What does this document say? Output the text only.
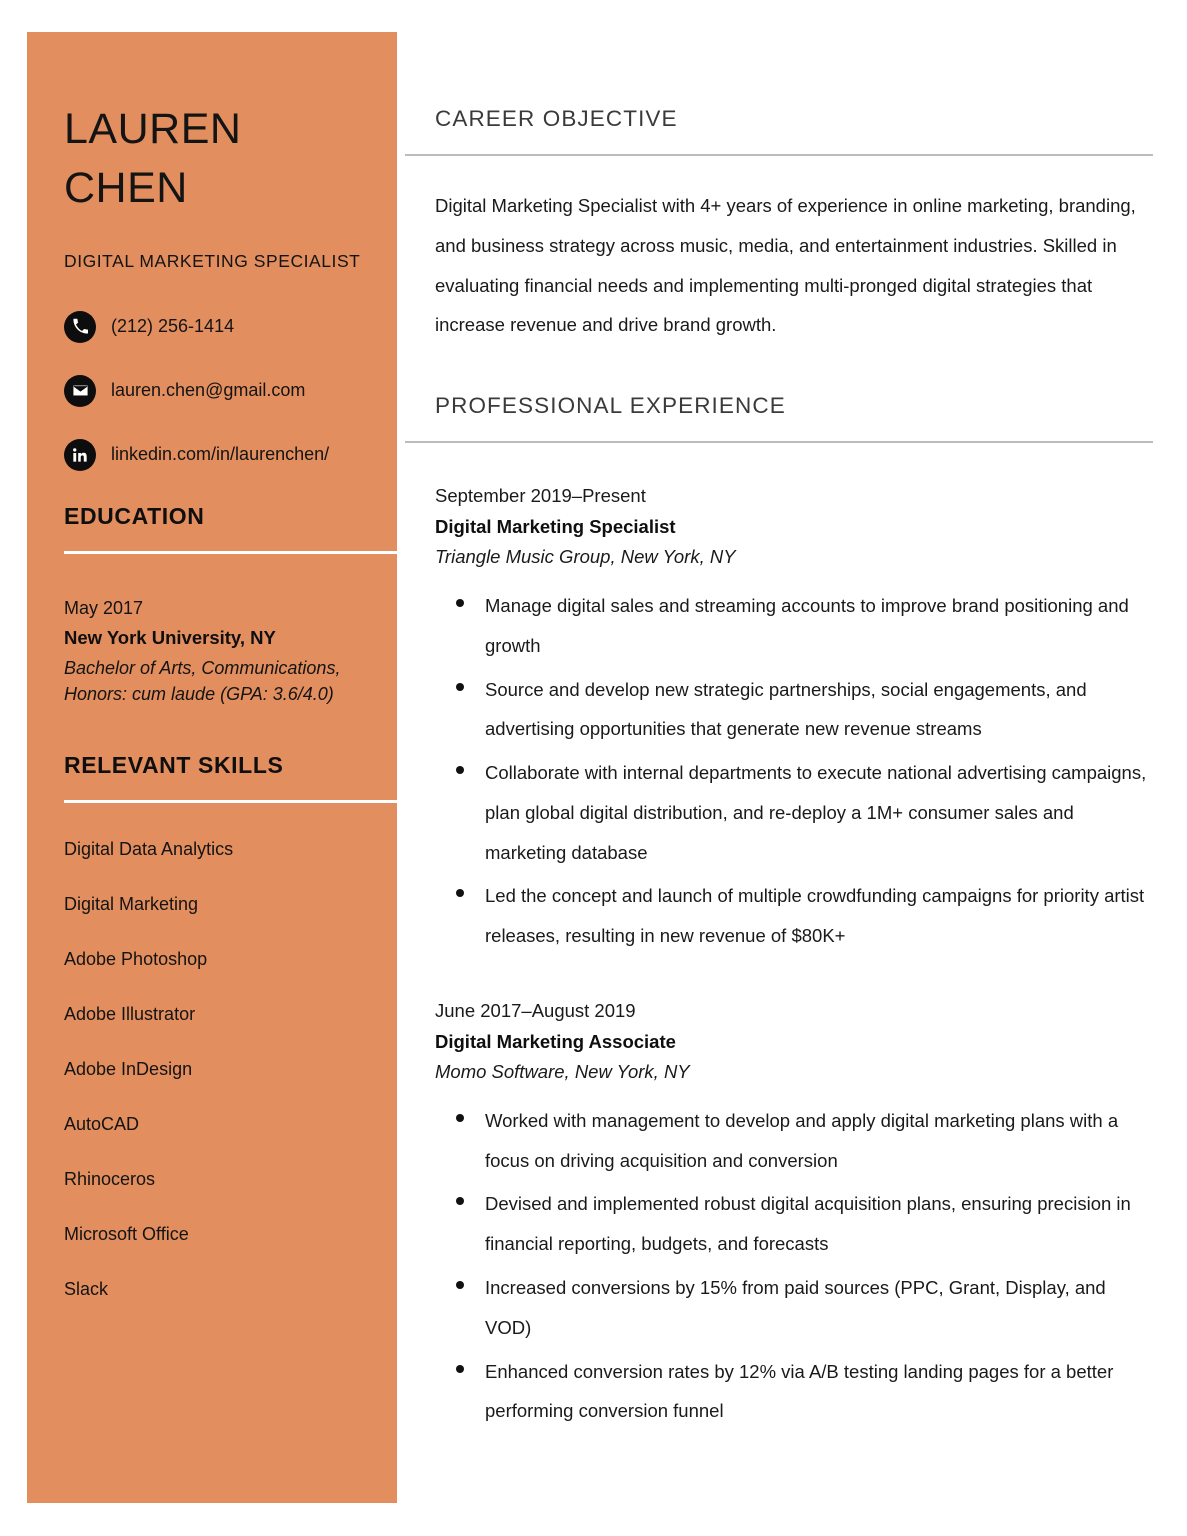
LAUREN
CHEN
DIGITAL MARKETING SPECIALIST
(212) 256-1414
lauren.chen@gmail.com
linkedin.com/in/laurenchen/
EDUCATION
May 2017
New York University, NY
Bachelor of Arts, Communications, Honors: cum laude (GPA: 3.6/4.0)
RELEVANT SKILLS
Digital Data Analytics
Digital Marketing
Adobe Photoshop
Adobe Illustrator
Adobe InDesign
AutoCAD
Rhinoceros
Microsoft Office
Slack
CAREER OBJECTIVE

Digital Marketing Specialist with 4+ years of experience in online marketing, branding, and business strategy across music, media, and entertainment industries. Skilled in evaluating financial needs and implementing multi-pronged digital strategies that increase revenue and drive brand growth.

PROFESSIONAL EXPERIENCE
September 2019–Present
Digital Marketing Specialist
Triangle Music Group, New York, NY
Manage digital sales and streaming accounts to improve brand positioning and growth
Source and develop new strategic partnerships, social engagements, and advertising opportunities that generate new revenue streams
Collaborate with internal departments to execute national advertising campaigns, plan global digital distribution, and re-deploy a 1M+ consumer sales and marketing database
Led the concept and launch of multiple crowdfunding campaigns for priority artist releases, resulting in new revenue of $80K+
June 2017–August 2019
Digital Marketing Associate
Momo Software, New York, NY
Worked with management to develop and apply digital marketing plans with a focus on driving acquisition and conversion
Devised and implemented robust digital acquisition plans, ensuring precision in financial reporting, budgets, and forecasts
Increased conversions by 15% from paid sources (PPC, Grant, Display, and VOD)
Enhanced conversion rates by 12% via A/B testing landing pages for a better performing conversion funnel
